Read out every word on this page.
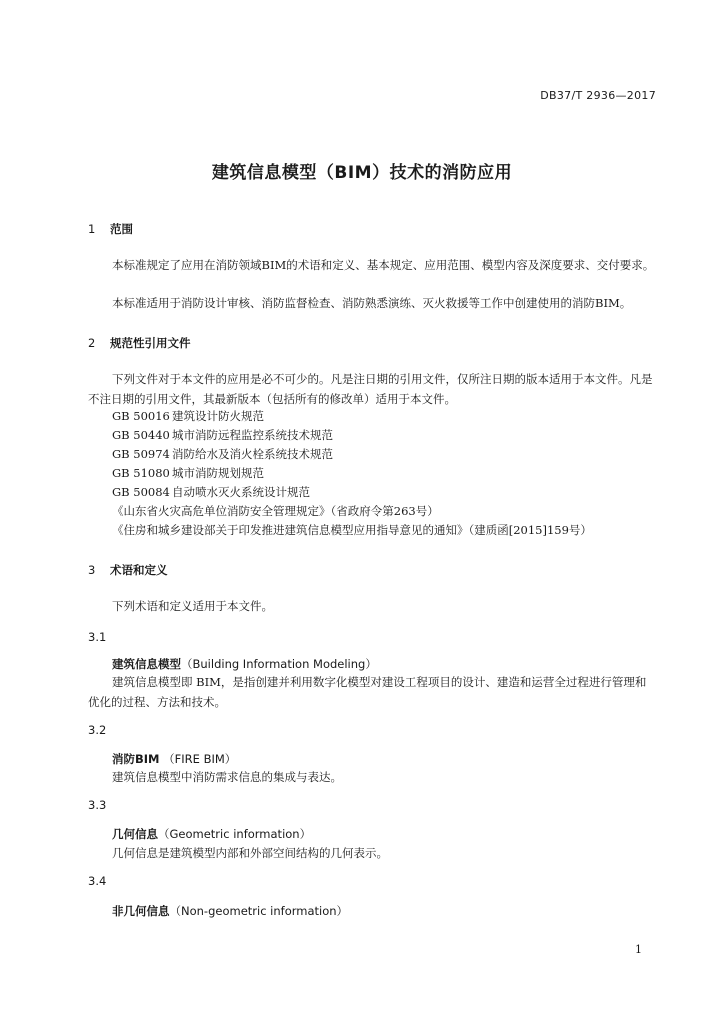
DB37/T 2936—2017
建筑信息模型（BIM）技术的消防应用
1 范围
本标准规定了应用在消防领域BIM的术语和定义、基本规定、应用范围、模型内容及深度要求、交付要求。
本标准适用于消防设计审核、消防监督检查、消防熟悉演练、灭火救援等工作中创建使用的消防BIM。
2 规范性引用文件
下列文件对于本文件的应用是必不可少的。凡是注日期的引用文件，仅所注日期的版本适用于本文件。凡是不注日期的引用文件，其最新版本（包括所有的修改单）适用于本文件。
GB 50016 建筑设计防火规范
GB 50440 城市消防远程监控系统技术规范
GB 50974 消防给水及消火栓系统技术规范
GB 51080 城市消防规划规范
GB 50084 自动喷水灭火系统设计规范
《山东省火灾高危单位消防安全管理规定》（省政府令第263号）
《住房和城乡建设部关于印发推进建筑信息模型应用指导意见的通知》（建质函[2015]159号）
3 术语和定义
下列术语和定义适用于本文件。
3.1
建筑信息模型（Building Information Modeling）
建筑信息模型即 BIM，是指创建并利用数字化模型对建设工程项目的设计、建造和运营全过程进行管理和优化的过程、方法和技术。
3.2
消防BIM （FIRE BIM）
建筑信息模型中消防需求信息的集成与表达。
3.3
几何信息（Geometric information）
几何信息是建筑模型内部和外部空间结构的几何表示。
3.4
非几何信息（Non-geometric information）
1
